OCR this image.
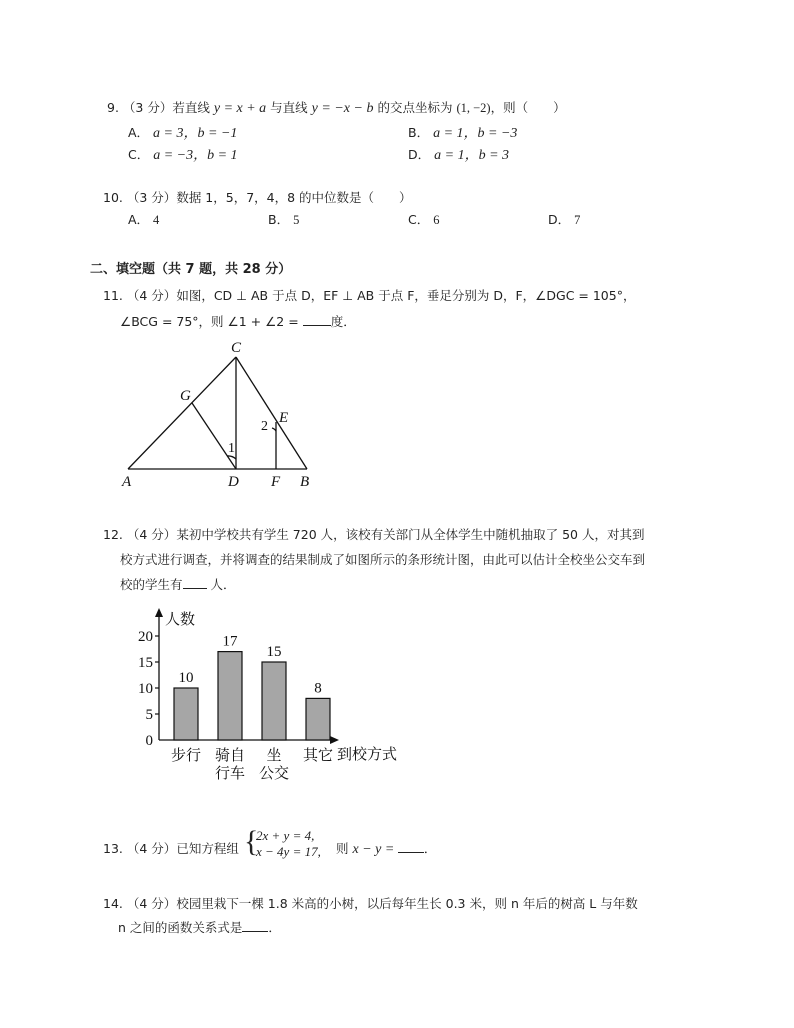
9. （3 分）若直线 y = x + a 与直线 y = −x − b 的交点坐标为 (1, −2)，则（　　）
A． a = 3，b = −1	B． a = 1，b = −3
C． a = −3，b = 1	D． a = 1，b = 3
10. （3 分）数据 1，5，7，4，8 的中位数是（　　）
A． 4	B． 5	C． 6	D． 7
二、填空题（共 7 题，共 28 分）
11. （4 分）如图，CD ⊥ AB 于点 D，EF ⊥ AB 于点 F，垂足分别为 D，F，∠DGC = 105°，
∠BCG = 75°，则 ∠1 + ∠2 = 度．
C
G
E
A	D F B
1
2
12. （4 分）某初中学校共有学生 720 人，该校有关部门从全体学生中随机抽取了 50 人，对其到
校方式进行调查，并将调查的结果制成了如图所示的条形统计图，由此可以估计全校坐公交车到
校的学生有 人．
人数
到校方式
0
5
10
15
20
10
步行
17
骑自
行车
15
坐
公交
8
其它
13. （4 分）已知方程组 {
2x + y = 4,
x − 4y = 17, 则 x − y = ．
14. （4 分）校园里栽下一棵 1.8 米高的小树，以后每年生长 0.3 米，则 n 年后的树高 L 与年数
n 之间的函数关系式是 ．
